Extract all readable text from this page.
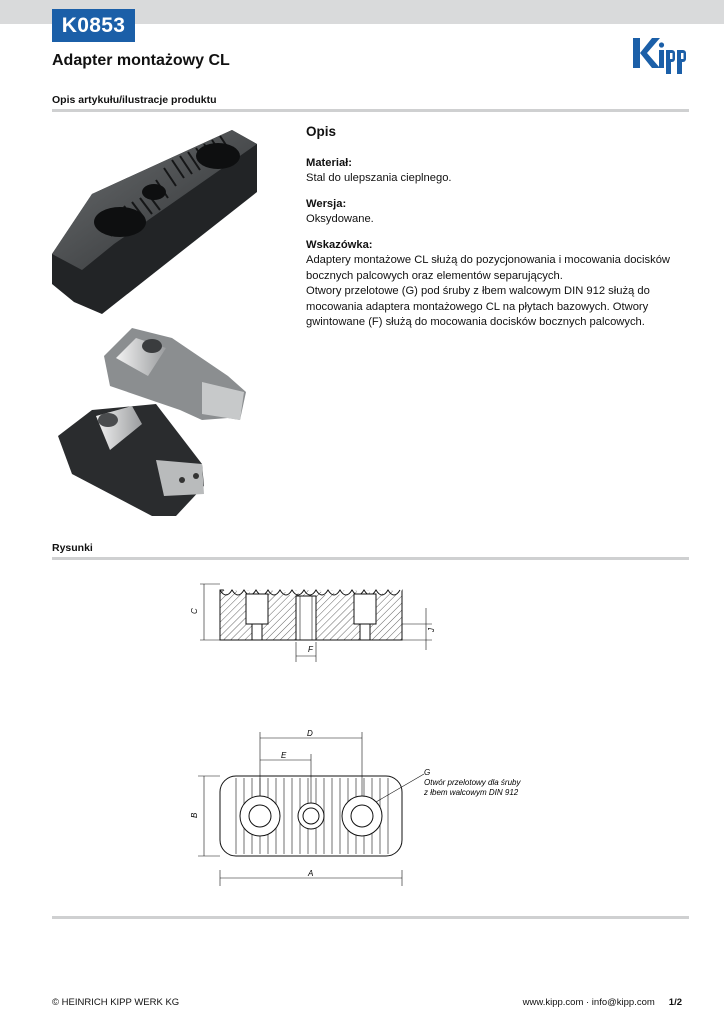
K0853
Adapter montażowy CL
Opis artykułu/ilustracje produktu
Opis
Materiał:

Stal do ulepszania cieplnego.

Wersja:

Oksydowane.

Wskazówka:

Adaptery montażowe CL służą do pozycjonowania i mocowania docisków bocznych palcowych oraz elementów separujących.

Otwory przelotowe (G) pod śruby z łbem walcowym DIN 912 służą do mocowania adaptera montażowego CL na płytach bazowych. Otwory gwintowane (F) służą do mocowania docisków bocznych palcowych.

Rysunki
C
J
F
D
E
B
A
G
Otwór przelotowy dla śruby
z łbem walcowym DIN 912
© HEINRICH KIPP WERK KG	www.kipp.com · info@kipp.com 1/2
